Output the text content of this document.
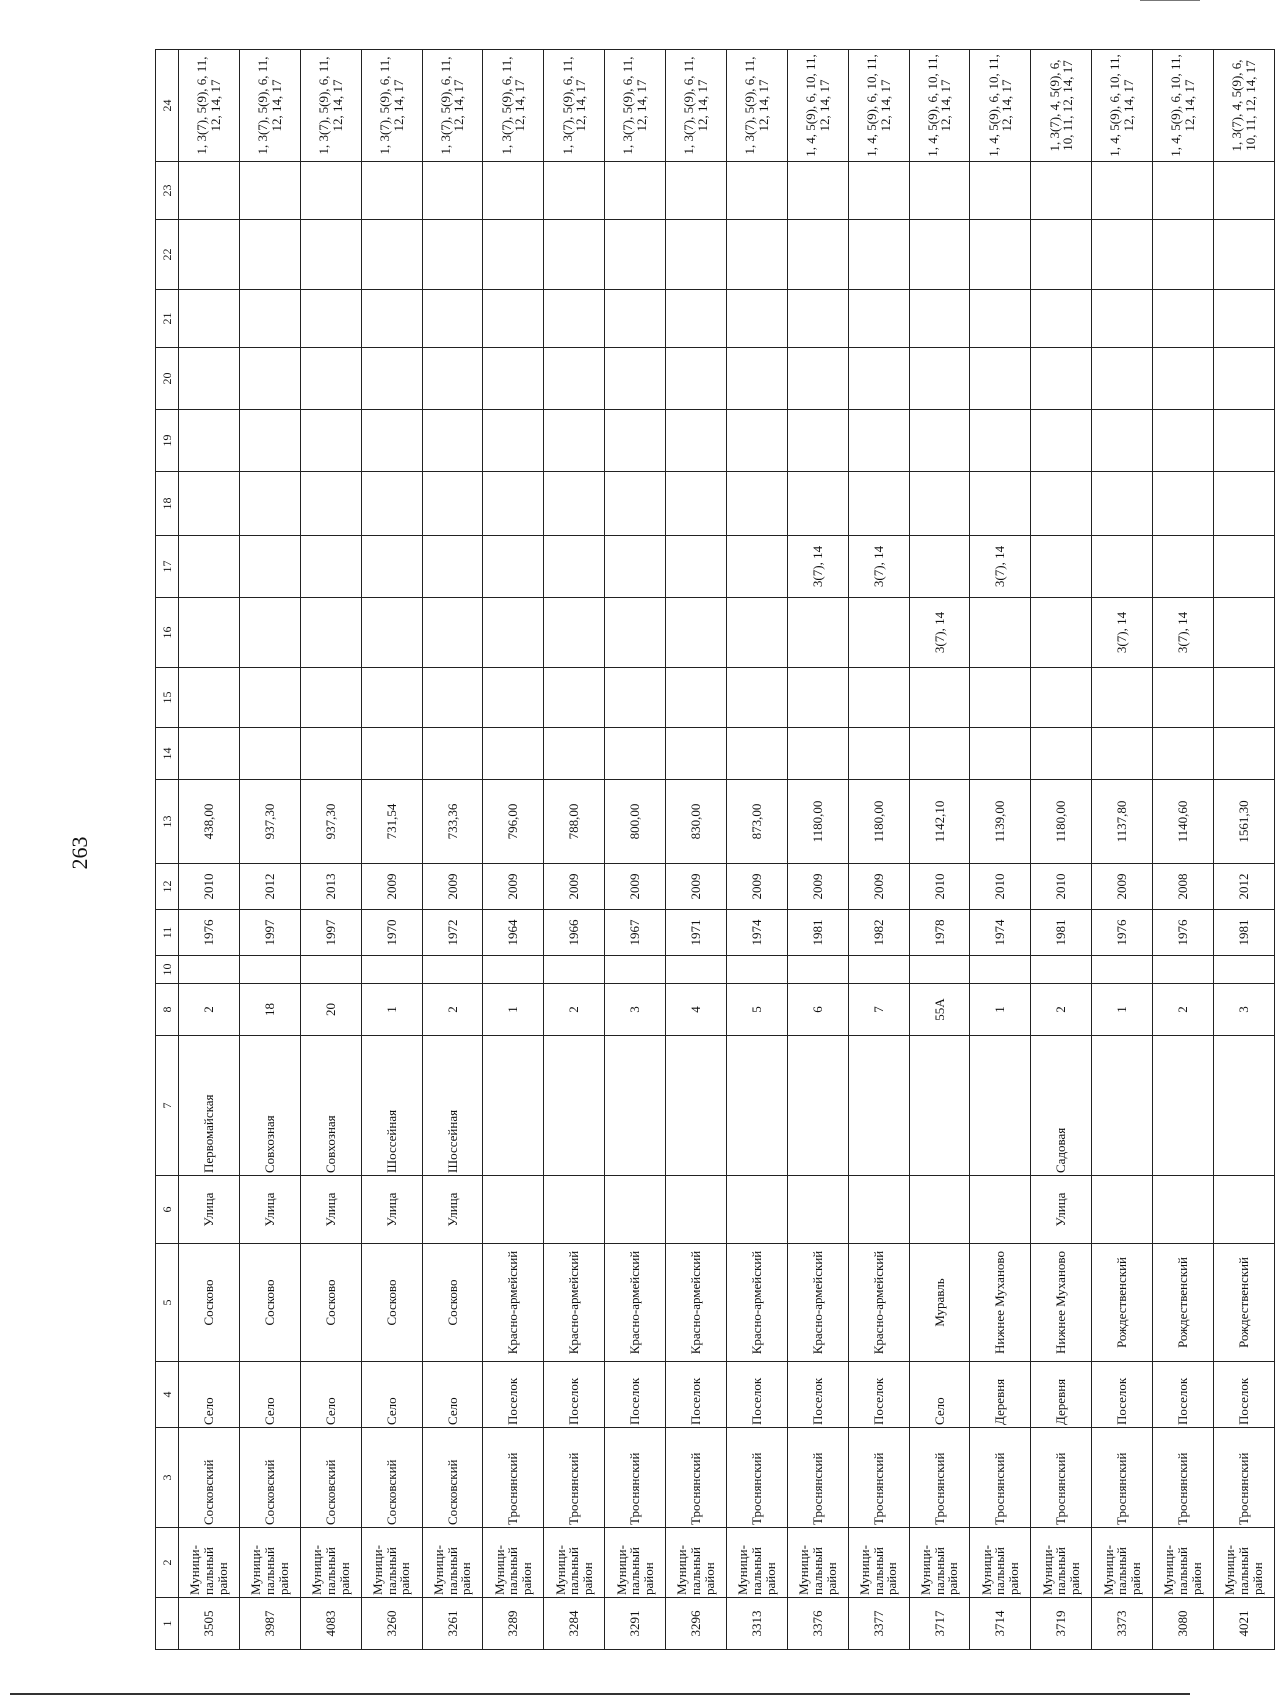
263
1	2	3	4	5	6	7	8	10	11	12	13	14	15	16	17	18	19	20	21	22	23	24
3505	Муници-пальный район	Сосковский	Село	Сосково	Улица	Первомайская	2		1976	2010	438,00											1, 3(7), 5(9), 6, 11, 12, 14, 17
3987	Муници-пальный район	Сосковский	Село	Сосково	Улица	Совхозная	18		1997	2012	937,30											1, 3(7), 5(9), 6, 11, 12, 14, 17
4083	Муници-пальный район	Сосковский	Село	Сосково	Улица	Совхозная	20		1997	2013	937,30											1, 3(7), 5(9), 6, 11, 12, 14, 17
3260	Муници-пальный район	Сосковский	Село	Сосково	Улица	Шоссейная	1		1970	2009	731,54											1, 3(7), 5(9), 6, 11, 12, 14, 17
3261	Муници-пальный район	Сосковский	Село	Сосково	Улица	Шоссейная	2		1972	2009	733,36											1, 3(7), 5(9), 6, 11, 12, 14, 17
3289	Муници-пальный район	Троснянский	Поселок	Красно-армейский			1		1964	2009	796,00											1, 3(7), 5(9), 6, 11, 12, 14, 17
3284	Муници-пальный район	Троснянский	Поселок	Красно-армейский			2		1966	2009	788,00											1, 3(7), 5(9), 6, 11, 12, 14, 17
3291	Муници-пальный район	Троснянский	Поселок	Красно-армейский			3		1967	2009	800,00											1, 3(7), 5(9), 6, 11, 12, 14, 17
3296	Муници-пальный район	Троснянский	Поселок	Красно-армейский			4		1971	2009	830,00											1, 3(7), 5(9), 6, 11, 12, 14, 17
3313	Муници-пальный район	Троснянский	Поселок	Красно-армейский			5		1974	2009	873,00											1, 3(7), 5(9), 6, 11, 12, 14, 17
3376	Муници-пальный район	Троснянский	Поселок	Красно-армейский			6		1981	2009	1180,00				3(7), 14							1, 4, 5(9), 6, 10, 11, 12, 14, 17
3377	Муници-пальный район	Троснянский	Поселок	Красно-армейский			7		1982	2009	1180,00				3(7), 14							1, 4, 5(9), 6, 10, 11, 12, 14, 17
3717	Муници-пальный район	Троснянский	Село	Муравль			55А		1978	2010	1142,10			3(7), 14								1, 4, 5(9), 6, 10, 11, 12, 14, 17
3714	Муници-пальный район	Троснянский	Деревня	Нижнее Муханово			1		1974	2010	1139,00				3(7), 14							1, 4, 5(9), 6, 10, 11, 12, 14, 17
3719	Муници-пальный район	Троснянский	Деревня	Нижнее Муханово	Улица	Садовая	2		1981	2010	1180,00											1, 3(7), 4, 5(9), 6, 10, 11, 12, 14, 17
3373	Муници-пальный район	Троснянский	Поселок	Рождественский			1		1976	2009	1137,80			3(7), 14								1, 4, 5(9), 6, 10, 11, 12, 14, 17
3080	Муници-пальный район	Троснянский	Поселок	Рождественский			2		1976	2008	1140,60			3(7), 14								1, 4, 5(9), 6, 10, 11, 12, 14, 17
4021	Муници-пальный район	Троснянский	Поселок	Рождественский			3		1981	2012	1561,30											1, 3(7), 4, 5(9), 6, 10, 11, 12, 14, 17
